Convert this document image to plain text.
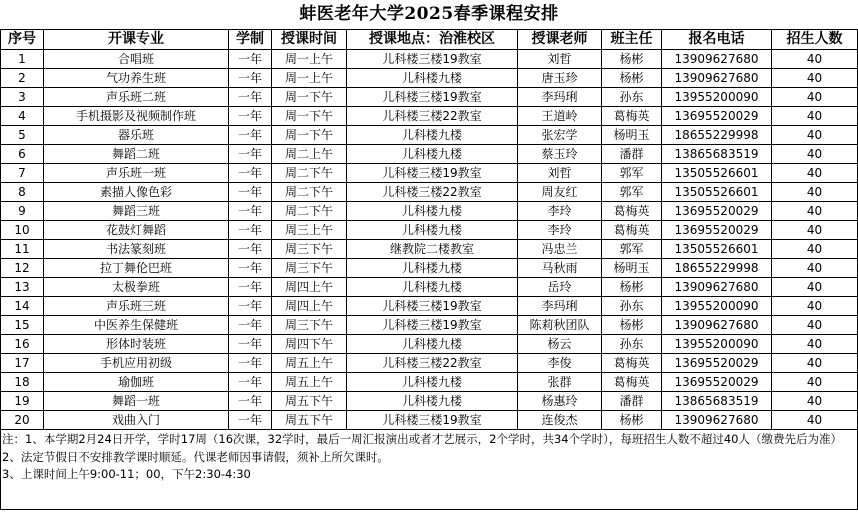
蚌医老年大学2025春季课程安排
序号	开课专业	学制	授课时间	授课地点：治淮校区	授课老师	班主任	报名电话	招生人数
1	合唱班	一年	周一上午	儿科楼三楼19教室	刘哲	杨彬	13909627680	40
2	气功养生班	一年	周一上午	儿科楼九楼	唐玉珍	杨彬	13909627680	40
3	声乐班二班	一年	周一下午	儿科楼三楼19教室	李玛琍	孙东	13955200090	40
4	手机摄影及视频制作班	一年	周一下午	儿科楼三楼22教室	王道岭	葛梅英	13695520029	40
5	器乐班	一年	周一下午	儿科楼九楼	张宏学	杨明玉	18655229998	40
6	舞蹈二班	一年	周二上午	儿科楼九楼	蔡玉玲	潘群	13865683519	40
7	声乐班一班	一年	周二下午	儿科楼三楼19教室	刘哲	郭军	13505526601	40
8	素描人像色彩	一年	周二下午	儿科楼三楼22教室	周友红	郭军	13505526601	40
9	舞蹈三班	一年	周二下午	儿科楼九楼	李玲	葛梅英	13695520029	40
10	花鼓灯舞蹈	一年	周三上午	儿科楼九楼	李玲	葛梅英	13695520029	40
11	书法篆刻班	一年	周三下午	继教院二楼教室	冯忠兰	郭军	13505526601	40
12	拉丁舞伦巴班	一年	周三下午	儿科楼九楼	马秋雨	杨明玉	18655229998	40
13	太极拳班	一年	周四上午	儿科楼九楼	岳玲	杨彬	13909627680	40
14	声乐班三班	一年	周四上午	儿科楼三楼19教室	李玛琍	孙东	13955200090	40
15	中医养生保健班	一年	周三下午	儿科楼三楼19教室	陈莉秋团队	杨彬	13909627680	40
16	形体时装班	一年	周四下午	儿科楼九楼	杨云	孙东	13955200090	40
17	手机应用初级	一年	周五上午	儿科楼三楼22教室	李俊	葛梅英	13695520029	40
18	瑜伽班	一年	周五上午	儿科楼九楼	张群	葛梅英	13695520029	40
19	舞蹈一班	一年	周五下午	儿科楼九楼	杨惠玲	潘群	13865683519	40
20	戏曲入门	一年	周五下午	儿科楼三楼19教室	连俊杰	杨彬	13909627680	40
注：1、本学期2月24日开学，学时17周（16次课，32学时，最后一周汇报演出或者才艺展示，2个学时，共34个学时），每班招生人数不超过40人（缴费先后为准）
2、法定节假日不安排教学课时顺延。代课老师因事请假，须补上所欠课时。
3、上课时间上午9:00-11；00，下午2:30-4:30
